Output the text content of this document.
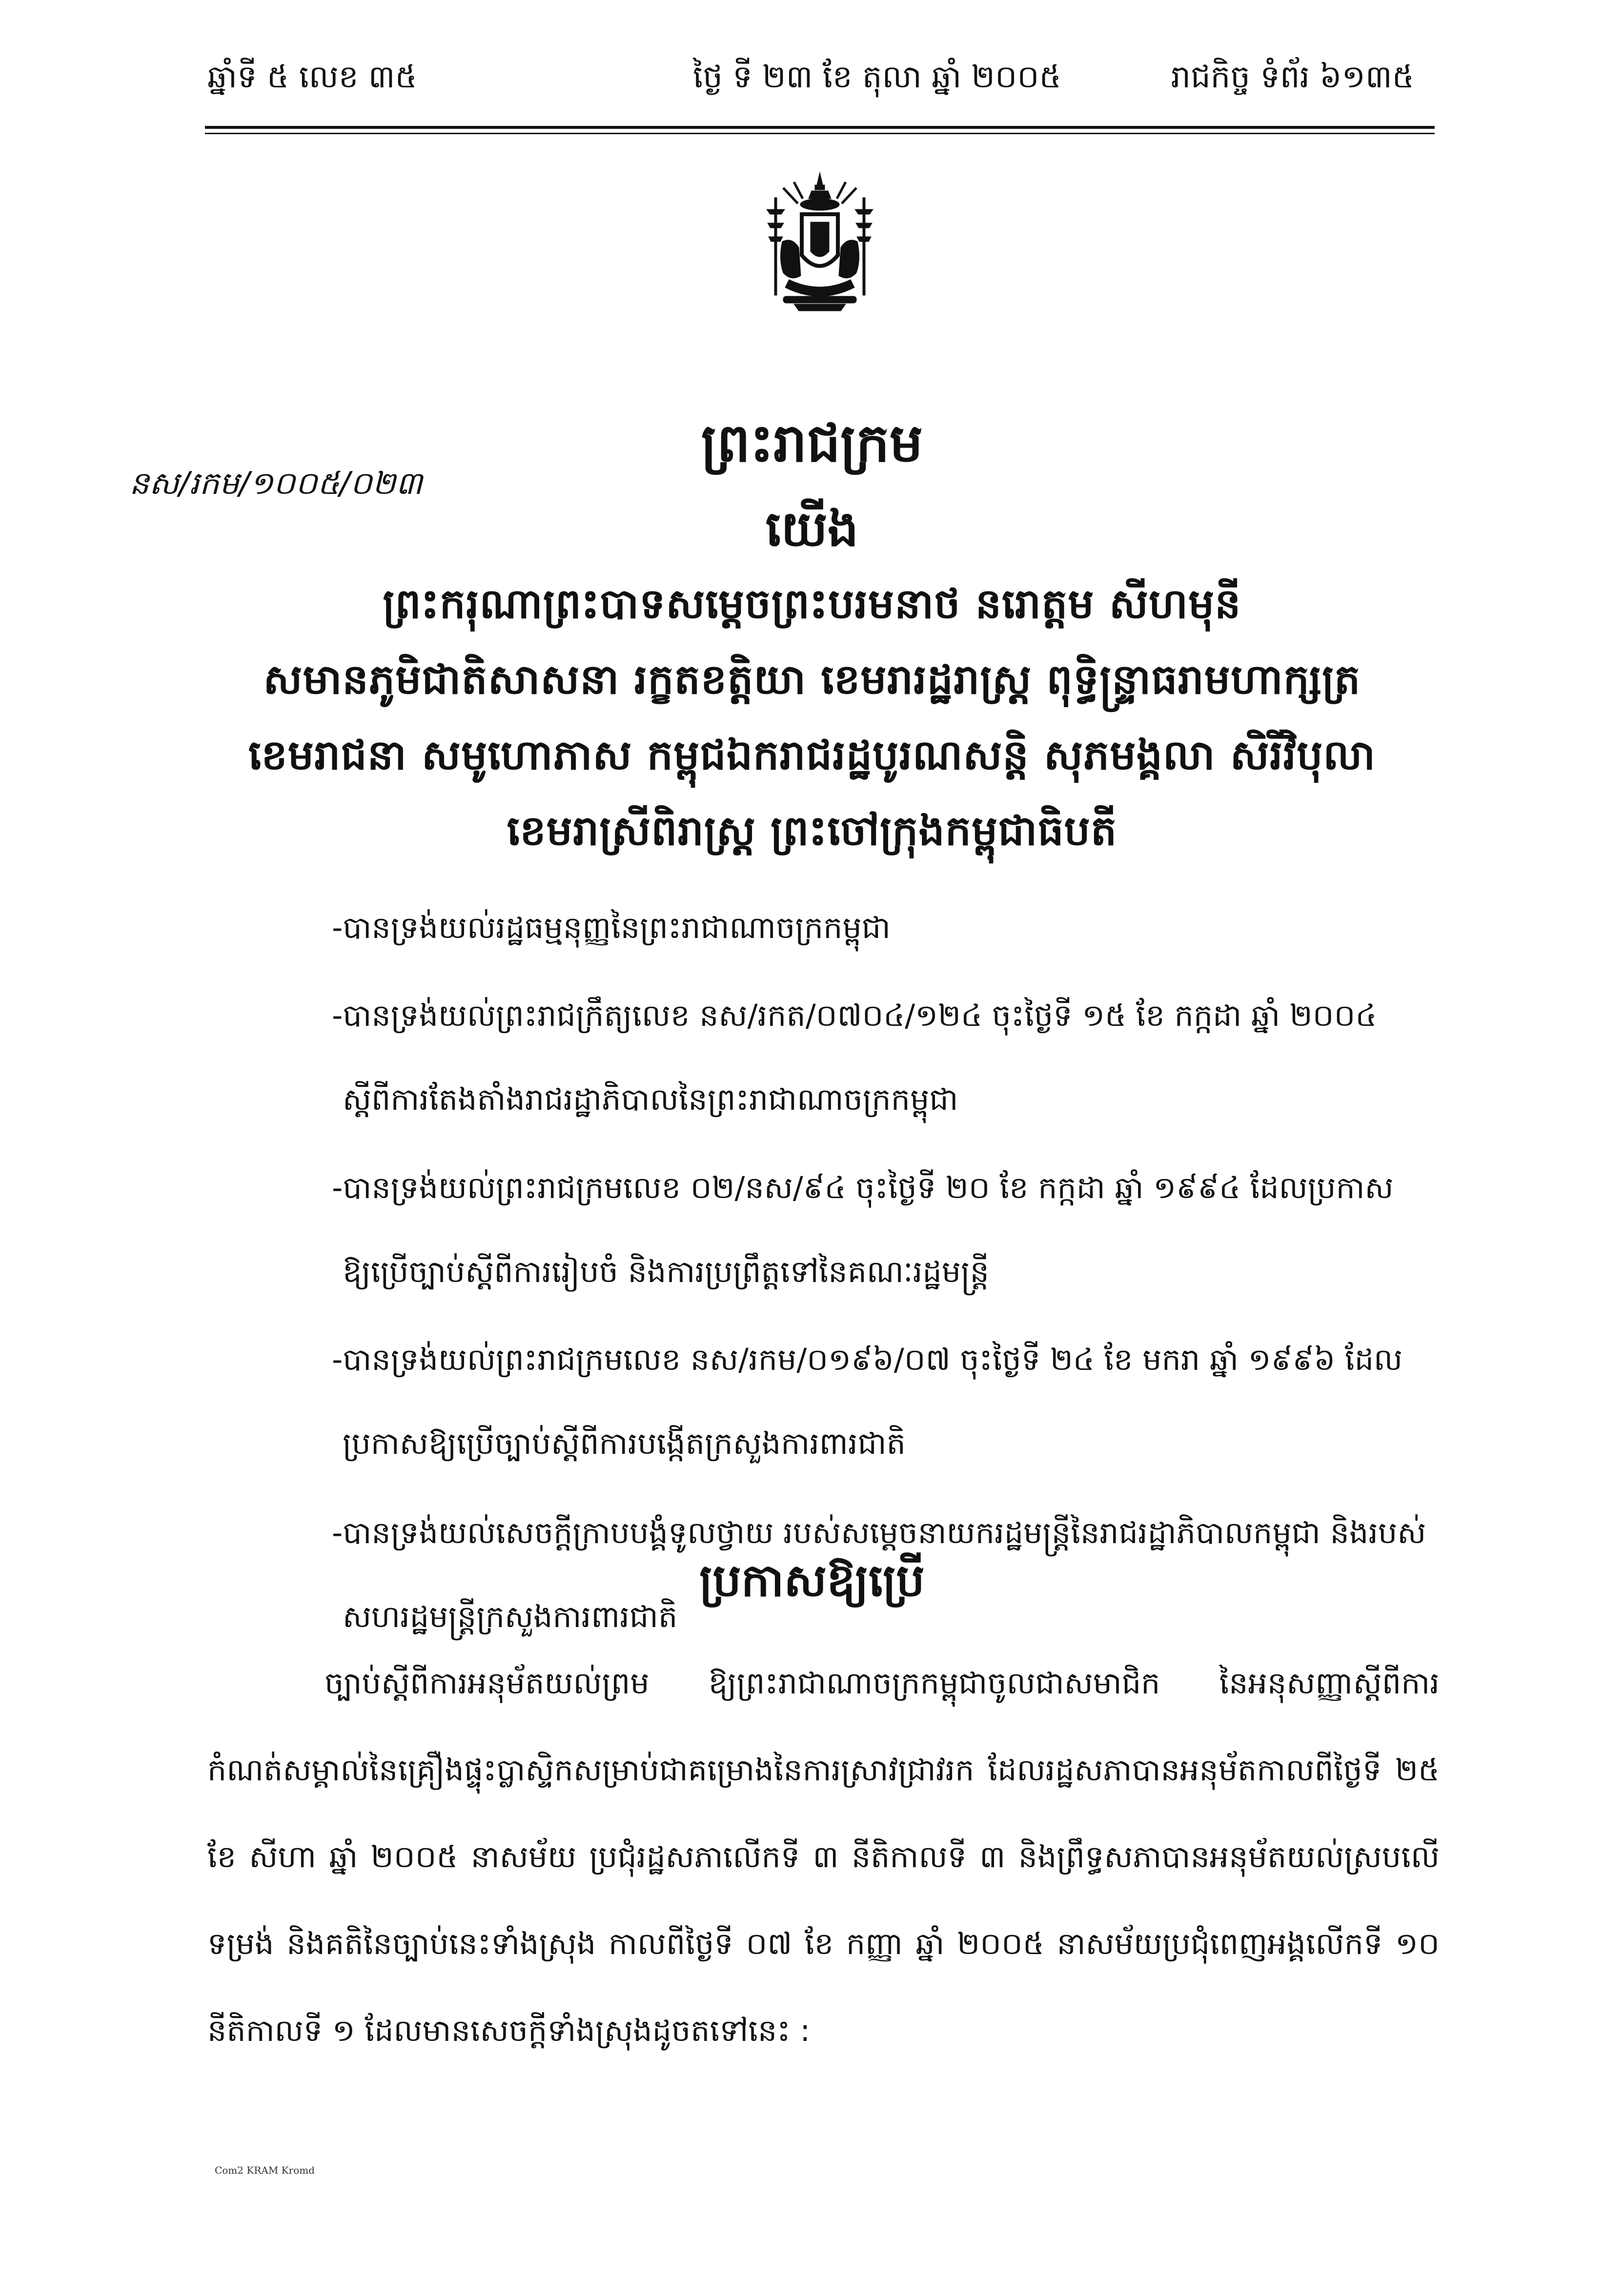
ឆ្នាំទី ៥ លេខ ៣៥	ថ្ងៃ ទី ២៣ ខែ តុលា ឆ្នាំ ២០០៥	រាជកិច្ច ទំព័រ ៦១៣៥
នស/រកម/១០០៥/០២៣
ព្រះរាជក្រម
យើង
ព្រះករុណាព្រះបាទសម្តេចព្រះបរមនាថ នរោត្តម សីហមុនី
សមានភូមិជាតិសាសនា រក្ខតខត្តិយា ខេមរារដ្ឋរាស្ត្រ ពុទ្ធិន្ទ្រាធរាមហាក្សត្រ
ខេមរាជនា សមូហោភាស កម្ពុជឯករាជរដ្ឋបូរណសន្តិ សុភមង្គលា សិរីវិបុលា
ខេមរាស្រីពិរាស្ត្រ ព្រះចៅក្រុងកម្ពុជាធិបតី
-បានទ្រង់យល់រដ្ឋធម្មនុញ្ញនៃព្រះរាជាណាចក្រកម្ពុជា
-បានទ្រង់យល់ព្រះរាជក្រឹត្យលេខ នស/រកត/០៧០៤/១២៤ ចុះថ្ងៃទី ១៥ ខែ កក្កដា ឆ្នាំ ២០០៤
ស្តីពីការតែងតាំងរាជរដ្ឋាភិបាលនៃព្រះរាជាណាចក្រកម្ពុជា
-បានទ្រង់យល់ព្រះរាជក្រមលេខ ០២/នស/៩៤ ចុះថ្ងៃទី ២០ ខែ កក្កដា ឆ្នាំ ១៩៩៤ ដែលប្រកាស
ឱ្យប្រើច្បាប់ស្តីពីការរៀបចំ និងការប្រព្រឹត្តទៅនៃគណៈរដ្ឋមន្ត្រី
-បានទ្រង់យល់ព្រះរាជក្រមលេខ នស/រកម/០១៩៦/០៧ ចុះថ្ងៃទី ២៤ ខែ មករា ឆ្នាំ ១៩៩៦ ដែល
ប្រកាសឱ្យប្រើច្បាប់ស្តីពីការបង្កើតក្រសួងការពារជាតិ
-បានទ្រង់យល់សេចក្តីក្រាបបង្គំទូលថ្វាយ របស់សម្តេចនាយករដ្ឋមន្ត្រីនៃរាជរដ្ឋាភិបាលកម្ពុជា និងរបស់
សហរដ្ឋមន្ត្រីក្រសួងការពារជាតិ
ប្រកាសឱ្យប្រើ
ច្បាប់ស្តីពីការអនុម័តយល់ព្រម ឱ្យព្រះរាជាណាចក្រកម្ពុជាចូលជាសមាជិក នៃអនុសញ្ញាស្តីពីការកំណត់សម្គាល់នៃគ្រឿងផ្ទុះប្លាស្ទិកសម្រាប់ជាគម្រោងនៃការស្រាវជ្រាវរក ដែលរដ្ឋសភាបានអនុម័តកាលពីថ្ងៃទី ២៥ ខែ សីហា ឆ្នាំ ២០០៥ នាសម័យ ប្រជុំរដ្ឋសភាលើកទី ៣ នីតិកាលទី ៣ និងព្រឹទ្ធសភាបានអនុម័តយល់ស្របលើទម្រង់ និងគតិនៃច្បាប់នេះទាំងស្រុង កាលពីថ្ងៃទី ០៧ ខែ កញ្ញា ឆ្នាំ ២០០៥ នាសម័យប្រជុំពេញអង្គលើកទី ១០ នីតិកាលទី ១ ដែលមានសេចក្តីទាំងស្រុងដូចតទៅនេះ :
Com2 KRAM Kromd
